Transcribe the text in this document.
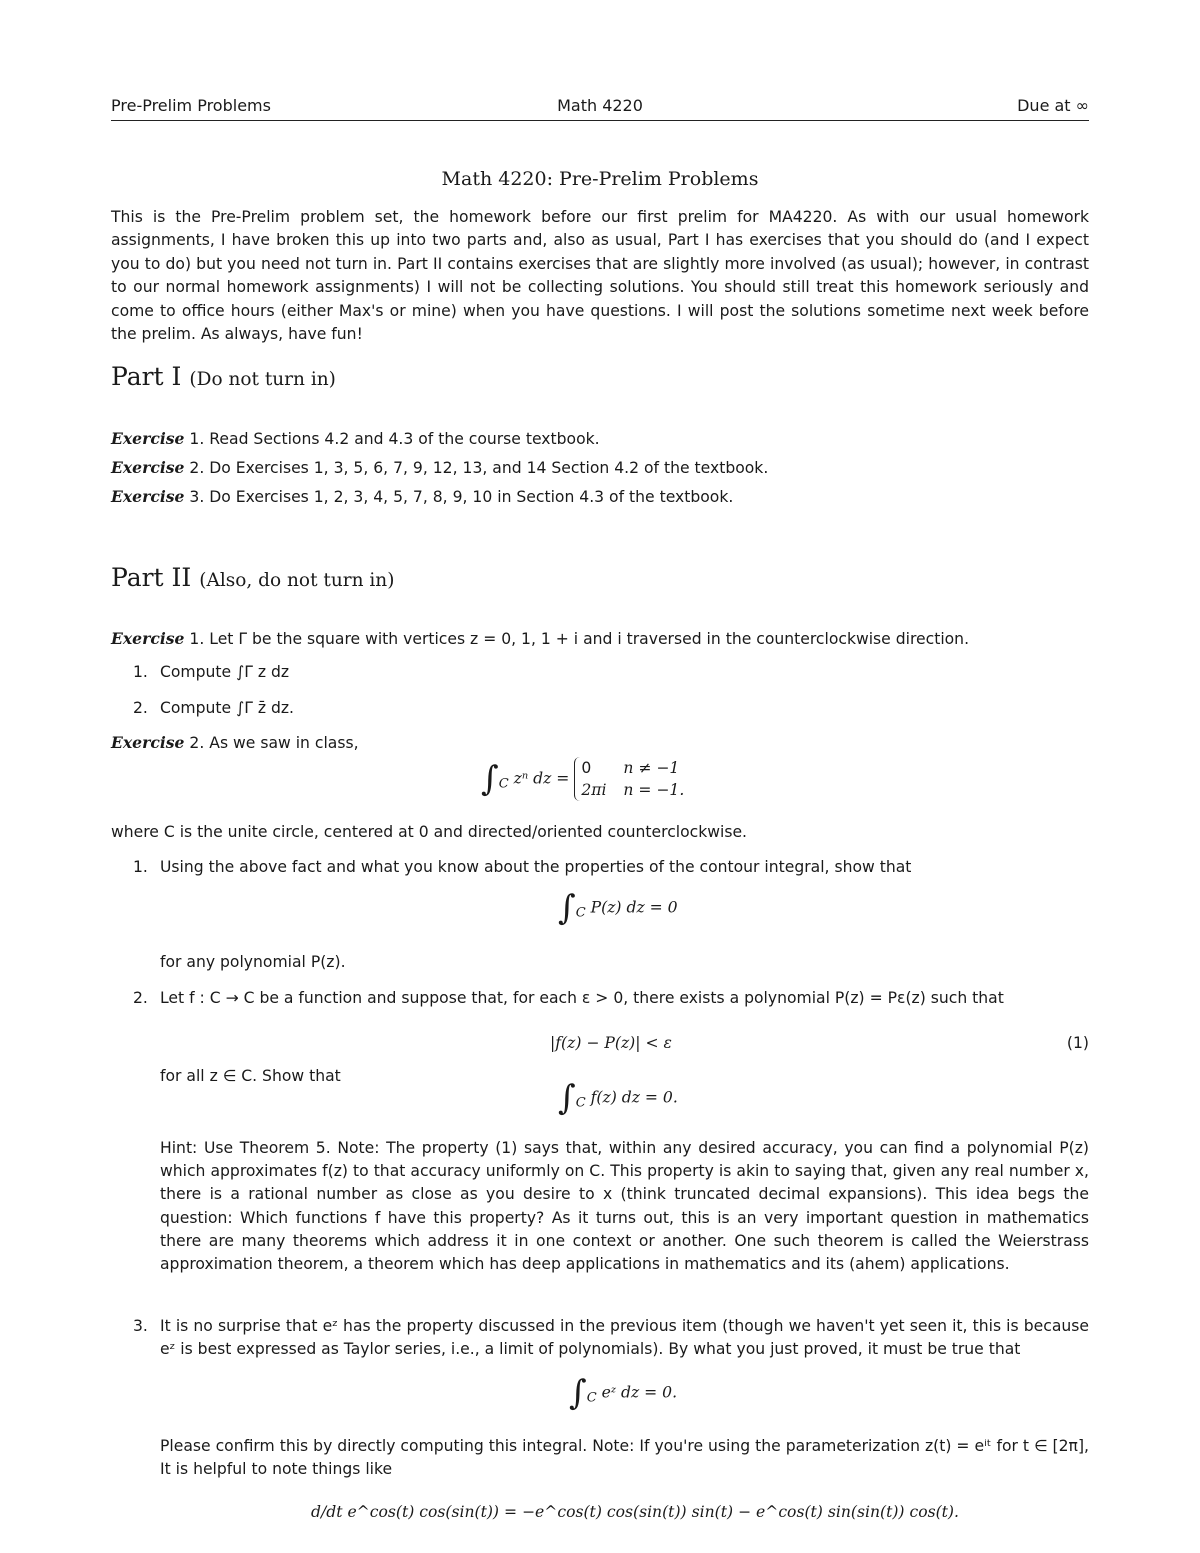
Pre-Prelim Problems	Math 4220	Due at ∞
Math 4220: Pre-Prelim Problems
This is the Pre-Prelim problem set, the homework before our first prelim for MA4220. As with our usual homework assignments, I have broken this up into two parts and, also as usual, Part I has exercises that you should do (and I expect you to do) but you need not turn in. Part II contains exercises that are slightly more involved (as usual); however, in contrast to our normal homework assignments) I will not be collecting solutions. You should still treat this homework seriously and come to office hours (either Max's or mine) when you have questions. I will post the solutions sometime next week before the prelim. As always, have fun!
Part I (Do not turn in)
Exercise 1. Read Sections 4.2 and 4.3 of the course textbook.
Exercise 2. Do Exercises 1, 3, 5, 6, 7, 9, 12, 13, and 14 Section 4.2 of the textbook.
Exercise 3. Do Exercises 1, 2, 3, 4, 5, 7, 8, 9, 10 in Section 4.3 of the textbook.
Part II (Also, do not turn in)
Exercise 1. Let Γ be the square with vertices z = 0, 1, 1 + i and i traversed in the counterclockwise direction.
1. Compute ∫Γ z dz
2. Compute ∫Γ z̄ dz.
Exercise 2. As we saw in class,
$\int_C$ zⁿ dz = 0 n ≠ −1
2πi n = −1.
where C is the unite circle, centered at 0 and directed/oriented counterclockwise.
1. Using the above fact and what you know about the properties of the contour integral, show that
$\int_C$ P(z) dz = 0
for any polynomial P(z).
2. Let f : C → C be a function and suppose that, for each ε > 0, there exists a polynomial P(z) = Pε(z) such that
|f(z) − P(z)| < ε	(1)
for all z ∈ C. Show that
$\int_C$ f(z) dz = 0.
Hint: Use Theorem 5. Note: The property (1) says that, within any desired accuracy, you can find a polynomial P(z) which approximates f(z) to that accuracy uniformly on C. This property is akin to saying that, given any real number x, there is a rational number as close as you desire to x (think truncated decimal expansions). This idea begs the question: Which functions f have this property? As it turns out, this is an very important question in mathematics there are many theorems which address it in one context or another. One such theorem is called the Weierstrass approximation theorem, a theorem which has deep applications in mathematics and its (ahem) applications.
3. It is no surprise that eᶻ has the property discussed in the previous item (though we haven't yet seen it, this is because eᶻ is best expressed as Taylor series, i.e., a limit of polynomials). By what you just proved, it must be true that
$\int_C$ eᶻ dz = 0.
Please confirm this by directly computing this integral. Note: If you're using the parameterization z(t) = eⁱᵗ for t ∈ [2π], It is helpful to note things like
d/dt e^cos(t) cos(sin(t)) = −e^cos(t) cos(sin(t)) sin(t) − e^cos(t) sin(sin(t)) cos(t).
